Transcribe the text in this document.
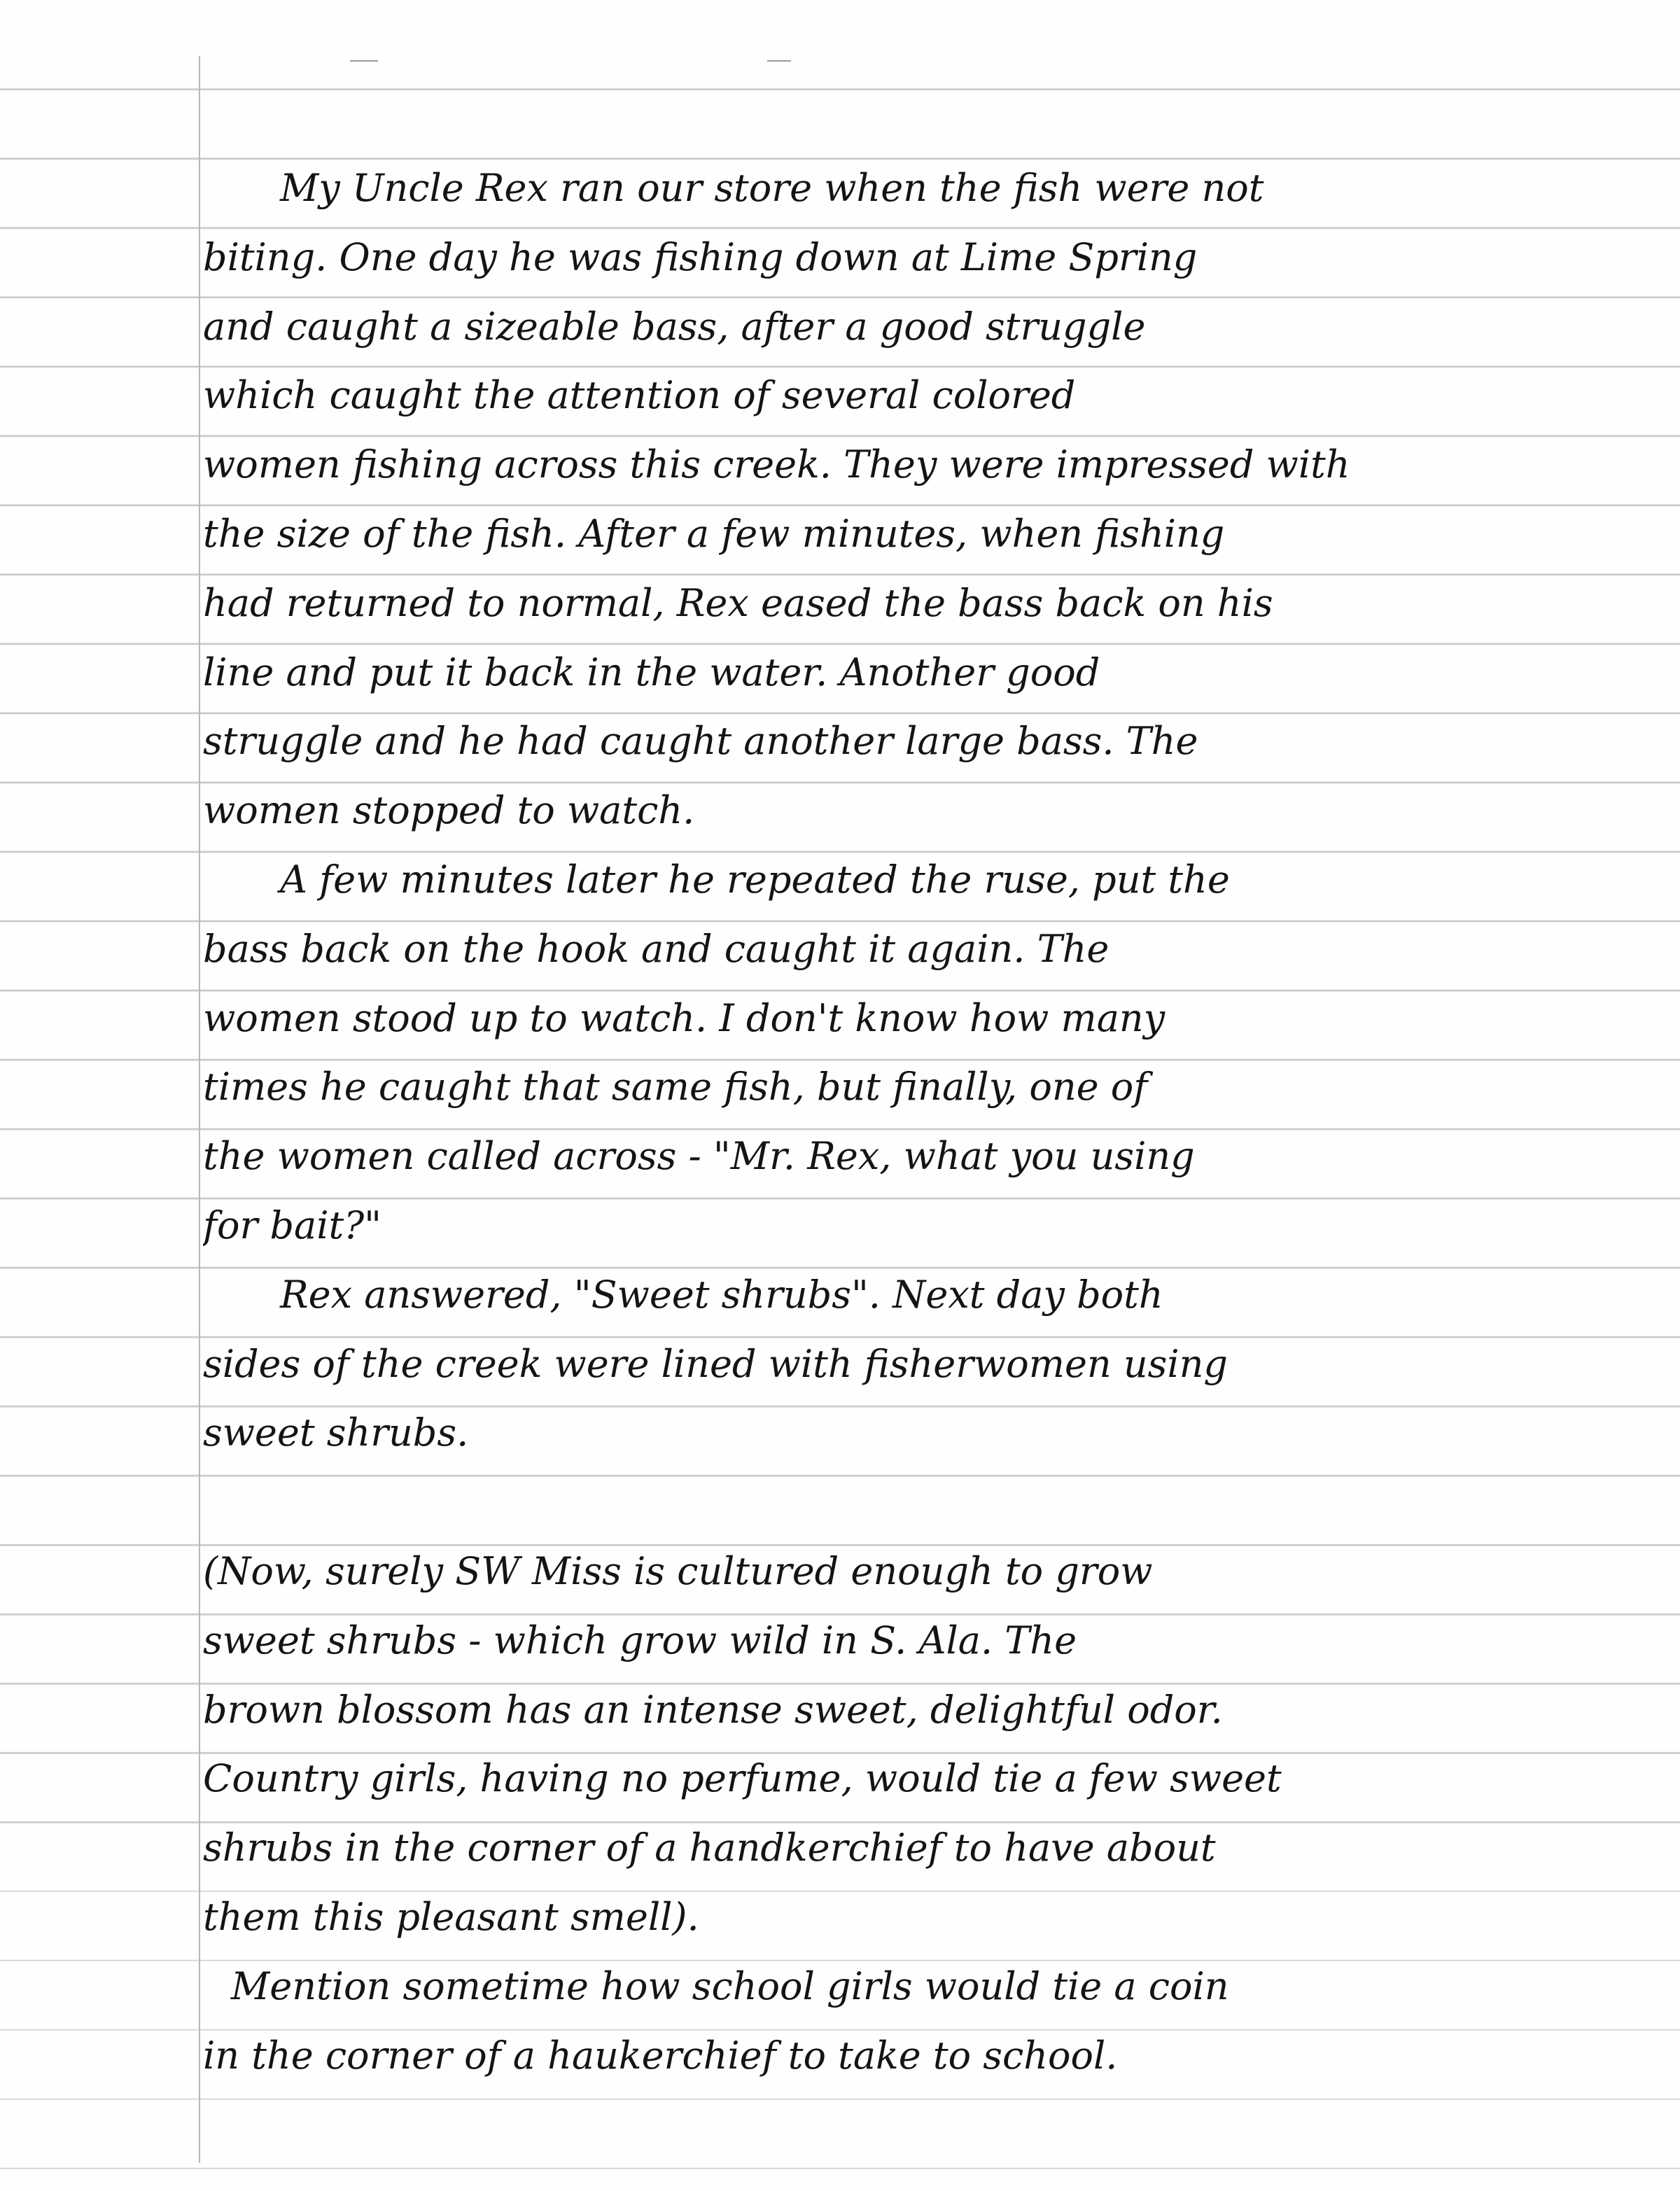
My Uncle Rex ran our store when the fish were not
biting. One day he was fishing down at Lime Spring
and caught a sizeable bass, after a good struggle
which caught the attention of several colored
women fishing across this creek. They were impressed with
the size of the fish. After a few minutes, when fishing
had returned to normal, Rex eased the bass back on his
line and put it back in the water. Another good
struggle and he had caught another large bass. The
women stopped to watch.
A few minutes later he repeated the ruse, put the
bass back on the hook and caught it again. The
women stood up to watch. I don't know how many
times he caught that same fish, but finally, one of
the women called across - "Mr. Rex, what you using
for bait?"
Rex answered, "Sweet shrubs". Next day both
sides of the creek were lined with fisherwomen using
sweet shrubs.
(Now, surely SW Miss is cultured enough to grow
sweet shrubs - which grow wild in S. Ala. The
brown blossom has an intense sweet, delightful odor.
Country girls, having no perfume, would tie a few sweet
shrubs in the corner of a handkerchief to have about
them this pleasant smell).
Mention sometime how school girls would tie a coin
in the corner of a haukerchief to take to school.
